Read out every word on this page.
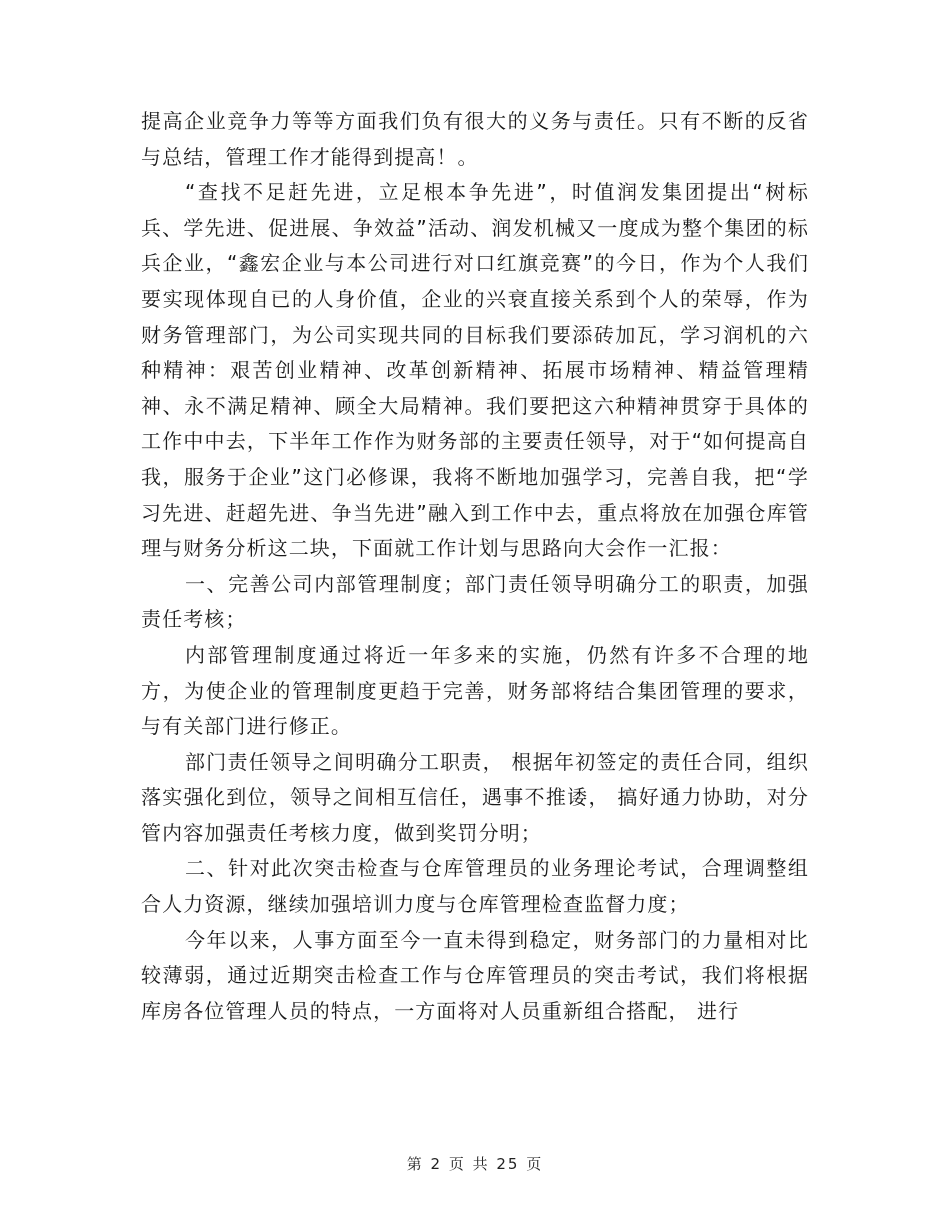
提高企业竞争力等等方面我们负有很大的义务与责任。只有不断的反省与总结，管理工作才能得到提高！。

“查找不足赶先进，立足根本争先进”，时值润发集团提出“树标兵、学先进、促进展、争效益”活动、润发机械又一度成为整个集团的标兵企业，“鑫宏企业与本公司进行对口红旗竞赛”的今日，作为个人我们要实现体现自已的人身价值，企业的兴衰直接关系到个人的荣辱，作为财务管理部门，为公司实现共同的目标我们要添砖加瓦，学习润机的六种精神：艰苦创业精神、改革创新精神、拓展市场精神、精益管理精神、永不满足精神、顾全大局精神。我们要把这六种精神贯穿于具体的工作中中去，下半年工作作为财务部的主要责任领导，对于“如何提高自我，服务于企业”这门必修课，我将不断地加强学习，完善自我，把“学习先进、赶超先进、争当先进”融入到工作中去，重点将放在加强仓库管理与财务分析这二块，下面就工作计划与思路向大会作一汇报：

一、完善公司内部管理制度；部门责任领导明确分工的职责，加强责任考核；

内部管理制度通过将近一年多来的实施，仍然有许多不合理的地方，为使企业的管理制度更趋于完善，财务部将结合集团管理的要求，与有关部门进行修正。

部门责任领导之间明确分工职责， 根据年初签定的责任合同，组织落实强化到位，领导之间相互信任，遇事不推诿， 搞好通力协助，对分管内容加强责任考核力度，做到奖罚分明；

二、针对此次突击检查与仓库管理员的业务理论考试，合理调整组合人力资源，继续加强培训力度与仓库管理检查监督力度；

今年以来，人事方面至今一直未得到稳定，财务部门的力量相对比较薄弱，通过近期突击检查工作与仓库管理员的突击考试，我们将根据库房各位管理人员的特点，一方面将对人员重新组合搭配， 进行

第 2 页 共 25 页
